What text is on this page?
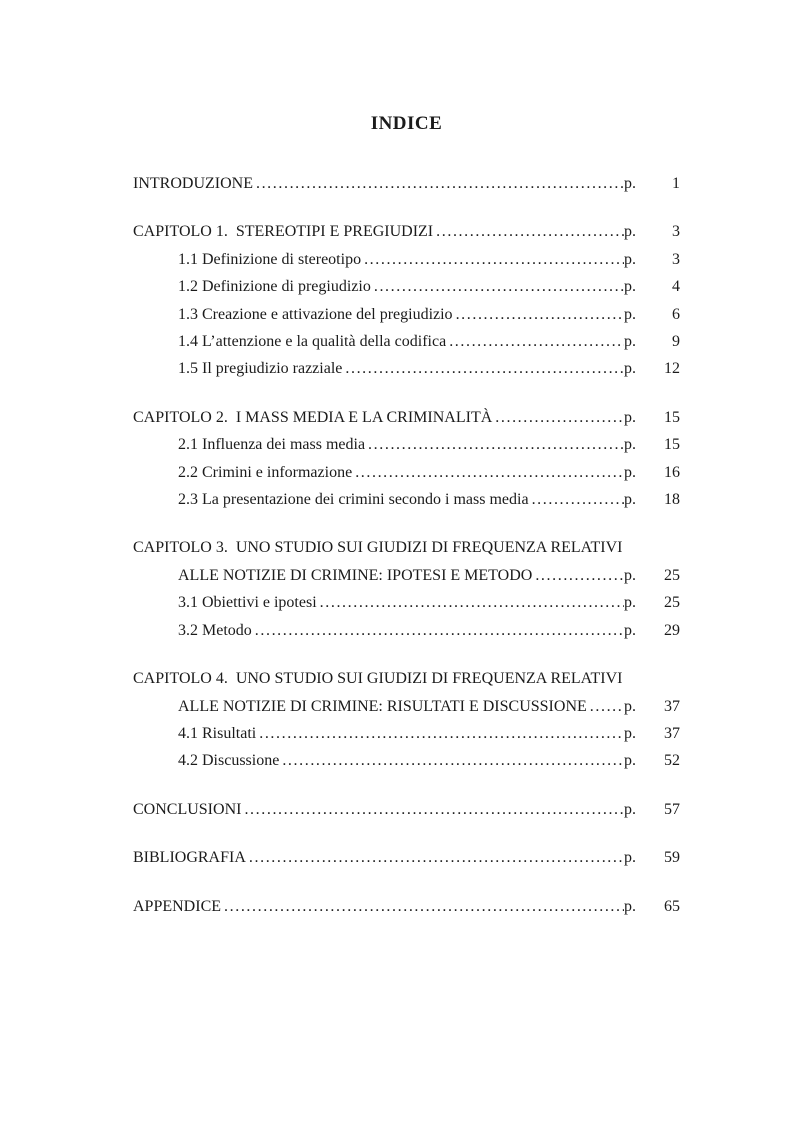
INDICE
INTRODUZIONE .....	p.	1
CAPITOLO 1.  STEREOTIPI E PREGIUDIZI .....	p.	3
1.1 Definizione di stereotipo .....	p.	3
1.2 Definizione di pregiudizio .....	p.	4
1.3 Creazione e attivazione del pregiudizio .....	p.	6
1.4 L’attenzione e la qualità della codifica .....	p.	9
1.5 Il pregiudizio razziale .....	p.	12
CAPITOLO 2.  I MASS MEDIA E LA CRIMINALITÀ .....	p.	15
2.1 Influenza dei mass media .....	p.	15
2.2 Crimini e informazione .....	p.	16
2.3 La presentazione dei crimini secondo i mass media .....	p.	18
CAPITOLO 3.  UNO STUDIO SUI GIUDIZI DI FREQUENZA RELATIVI
ALLE NOTIZIE DI CRIMINE: IPOTESI E METODO .....	p.	25
3.1 Obiettivi e ipotesi .....	p.	25
3.2 Metodo .....	p.	29
CAPITOLO 4.  UNO STUDIO SUI GIUDIZI DI FREQUENZA RELATIVI
ALLE NOTIZIE DI CRIMINE: RISULTATI E DISCUSSIONE ..... p.	37
4.1 Risultati .....	p.	37
4.2 Discussione .....	p.	52
CONCLUSIONI .....	p.	57
BIBLIOGRAFIA .....	p.	59
APPENDICE .....	p.	65
